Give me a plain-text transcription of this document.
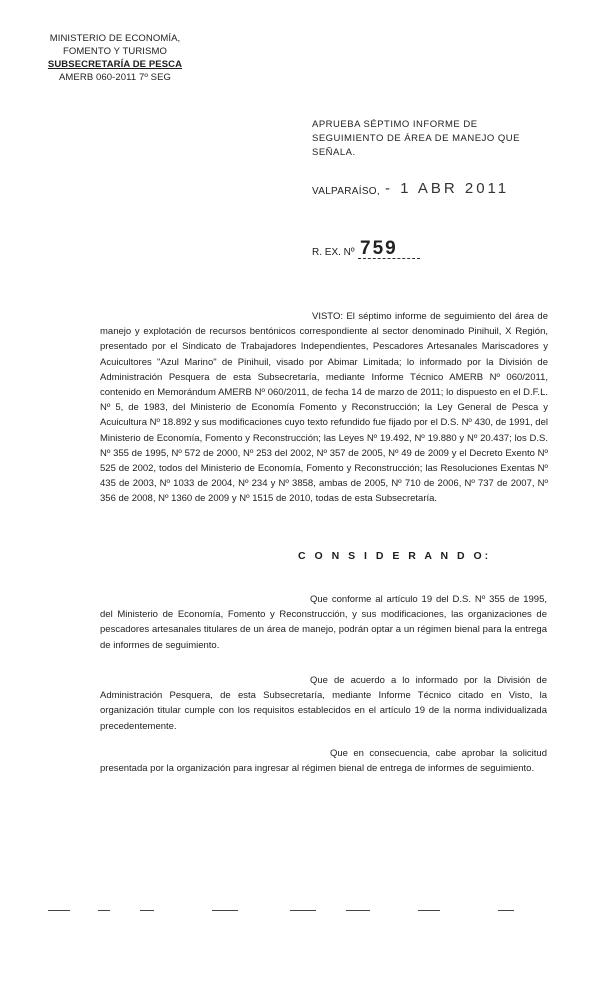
MINISTERIO DE ECONOMÍA,
FOMENTO Y TURISMO
SUBSECRETARÍA DE PESCA
AMERB 060-2011 7º SEG
APRUEBA SÉPTIMO INFORME DE SEGUIMIENTO DE ÁREA DE MANEJO QUE SEÑALA.
VALPARAÍSO, - 1 ABR 2011
R. EX. Nº 759
VISTO: El séptimo informe de seguimiento del área de manejo y explotación de recursos bentónicos correspondiente al sector denominado Pinihuil, X Región, presentado por el Sindicato de Trabajadores Independientes, Pescadores Artesanales Mariscadores y Acuicultores "Azul Marino" de Pinihuil, visado por Abimar Limitada; lo informado por la División de Administración Pesquera de esta Subsecretaría, mediante Informe Técnico AMERB Nº 060/2011, contenido en Memorándum AMERB Nº 060/2011, de fecha 14 de marzo de 2011; lo dispuesto en el D.F.L. Nº 5, de 1983, del Ministerio de Economía Fomento y Reconstrucción; la Ley General de Pesca y Acuicultura Nº 18.892 y sus modificaciones cuyo texto refundido fue fijado por el D.S. Nº 430, de 1991, del Ministerio de Economía, Fomento y Reconstrucción; las Leyes Nº 19.492, Nº 19.880 y Nº 20.437; los D.S. Nº 355 de 1995, Nº 572 de 2000, Nº 253 del 2002, Nº 357 de 2005, Nº 49 de 2009 y el Decreto Exento Nº 525 de 2002, todos del Ministerio de Economía, Fomento y Reconstrucción; las Resoluciones Exentas Nº 435 de 2003, Nº 1033 de 2004, Nº 234 y Nº 3858, ambas de 2005, Nº 710 de 2006, Nº 737 de 2007, Nº 356 de 2008, Nº 1360 de 2009 y Nº 1515 de 2010, todas de esta Subsecretaría.
C O N S I D E R A N D O:
Que conforme al artículo 19 del D.S. Nº 355 de 1995, del Ministerio de Economía, Fomento y Reconstrucción, y sus modificaciones, las organizaciones de pescadores artesanales titulares de un área de manejo, podrán optar a un régimen bienal para la entrega de informes de seguimiento.
Que de acuerdo a lo informado por la División de Administración Pesquera, de esta Subsecretaría, mediante Informe Técnico citado en Visto, la organización titular cumple con los requisitos establecidos en el artículo 19 de la norma individualizada precedentemente.
Que en consecuencia, cabe aprobar la solicitud presentada por la organización para ingresar al régimen bienal de entrega de informes de seguimiento.
